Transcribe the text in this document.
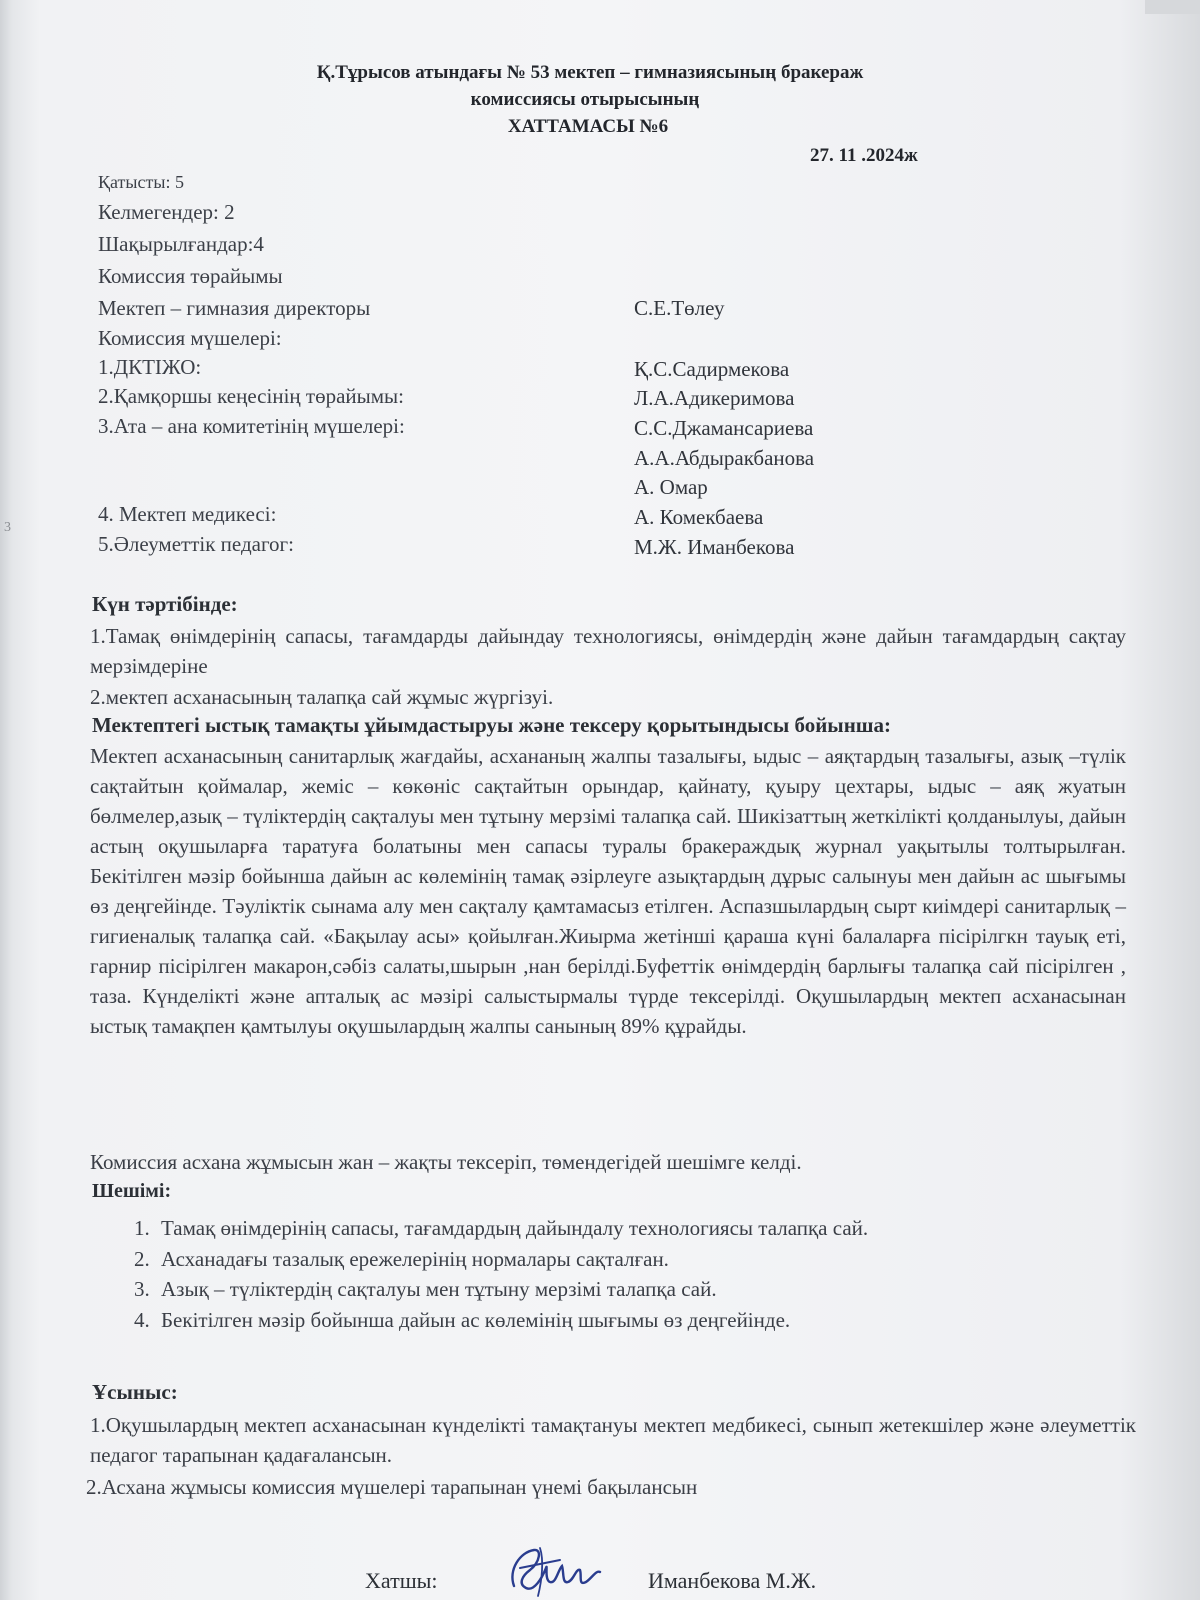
3
Қ.Тұрысов атындағы № 53 мектеп – гимназиясының бракераж
комиссиясы отырысының
ХАТТАМАСЫ №6
27. 11 .2024ж
Қатысты: 5
Келмегендер: 2
Шақырылғандар:4
Комиссия төрайымы
Мектеп – гимназия директоры	С.Е.Төлеу
Комиссия мүшелері:
1.ДКТІЖО:	Қ.С.Садирмекова
2.Қамқоршы кеңесінің төрайымы:	Л.А.Адикеримова
3.Ата – ана комитетінің мүшелері:	С.С.Джамансариева
А.А.Абдыракбанова
А. Омар
4. Мектеп медикесі:	А. Комекбаева
5.Әлеуметтік педагог:	М.Ж. Иманбекова
Күн тәртібінде:
1.Тамақ өнімдерінің сапасы, тағамдарды дайындау технологиясы, өнімдердің және дайын тағамдардың сақтау мерзімдеріне
2.мектеп асханасының талапқа сай жұмыс жүргізуі.
Мектептегі ыстық тамақты ұйымдастыруы және тексеру қорытындысы бойынша:
Мектеп асханасының санитарлық жағдайы, асхананың жалпы тазалығы, ыдыс – аяқтардың тазалығы, азық –түлік сақтайтын қоймалар, жеміс – көкөніс сақтайтын орындар, қайнату, қуыру цехтары, ыдыс – аяқ жуатын бөлмелер,азық – түліктердің сақталуы мен тұтыну мерзімі талапқа сай. Шикізаттың жеткілікті қолданылуы, дайын астың оқушыларға таратуға болатыны мен сапасы туралы бракераждық журнал уақытылы толтырылған. Бекітілген мәзір бойынша дайын ас көлемінің тамақ әзірлеуге азықтардың дұрыс салынуы мен дайын ас шығымы өз деңгейінде. Тәуліктік сынама алу мен сақталу қамтамасыз етілген. Аспазшылардың сырт киімдері санитарлық – гигиеналық талапқа сай. «Бақылау асы» қойылған.Жиырма жетінші қараша күні балаларға пісірілгкн тауық еті, гарнир пісірілген макарон,сәбіз салаты,шырын ,нан берілді.Буфеттік өнімдердің барлығы талапқа сай пісірілген , таза. Күнделікті және апталық ас мәзірі салыстырмалы түрде тексерілді. Оқушылардың мектеп асханасынан ыстық тамақпен қамтылуы оқушылардың жалпы санының 89% құрайды.
Комиссия асхана жұмысын жан – жақты тексеріп, төмендегідей шешімге келді.
Шешімі:
1. Тамақ өнімдерінің сапасы, тағамдардың дайындалу технологиясы талапқа сай.
2. Асханадағы тазалық ережелерінің нормалары сақталған.
3. Азық – түліктердің сақталуы мен тұтыну мерзімі талапқа сай.
4. Бекітілген мәзір бойынша дайын ас көлемінің шығымы өз деңгейінде.
Ұсыныс:
1.Оқушылардың мектеп асханасынан күнделікті тамақтануы мектеп медбикесі, сынып жетекшілер және әлеуметтік педагог тарапынан қадағалансын.
2.Асхана жұмысы комиссия мүшелері тарапынан үнемі бақылансын
Хатшы:	Иманбекова М.Ж.
